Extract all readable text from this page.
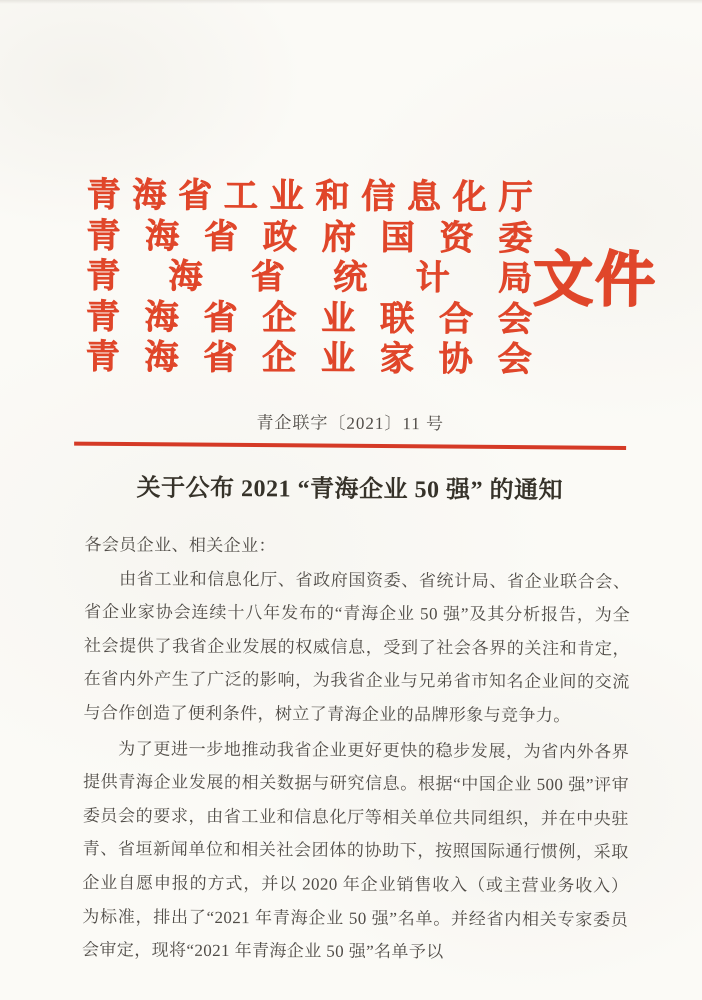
青海省工业和信息化厅
青海省政府国资委
青海省统计局
青海省企业联合会
青海省企业家协会
文件
青企联字〔2021〕11 号
关于公布 2021 “青海企业 50 强” 的通知

各会员企业、相关企业：

由省工业和信息化厅、省政府国资委、省统计局、省企业联合会、省企业家协会连续十八年发布的“青海企业 50 强”及其分析报告，为全社会提供了我省企业发展的权威信息，受到了社会各界的关注和肯定，在省内外产生了广泛的影响，为我省企业与兄弟省市知名企业间的交流与合作创造了便利条件，树立了青海企业的品牌形象与竞争力。

为了更进一步地推动我省企业更好更快的稳步发展，为省内外各界提供青海企业发展的相关数据与研究信息。根据“中国企业 500 强”评审委员会的要求，由省工业和信息化厅等相关单位共同组织，并在中央驻青、省垣新闻单位和相关社会团体的协助下，按照国际通行惯例，采取企业自愿申报的方式，并以 2020 年企业销售收入（或主营业务收入）为标准，排出了“2021 年青海企业 50 强”名单。并经省内相关专家委员会审定，现将“2021 年青海企业 50 强”名单予以
